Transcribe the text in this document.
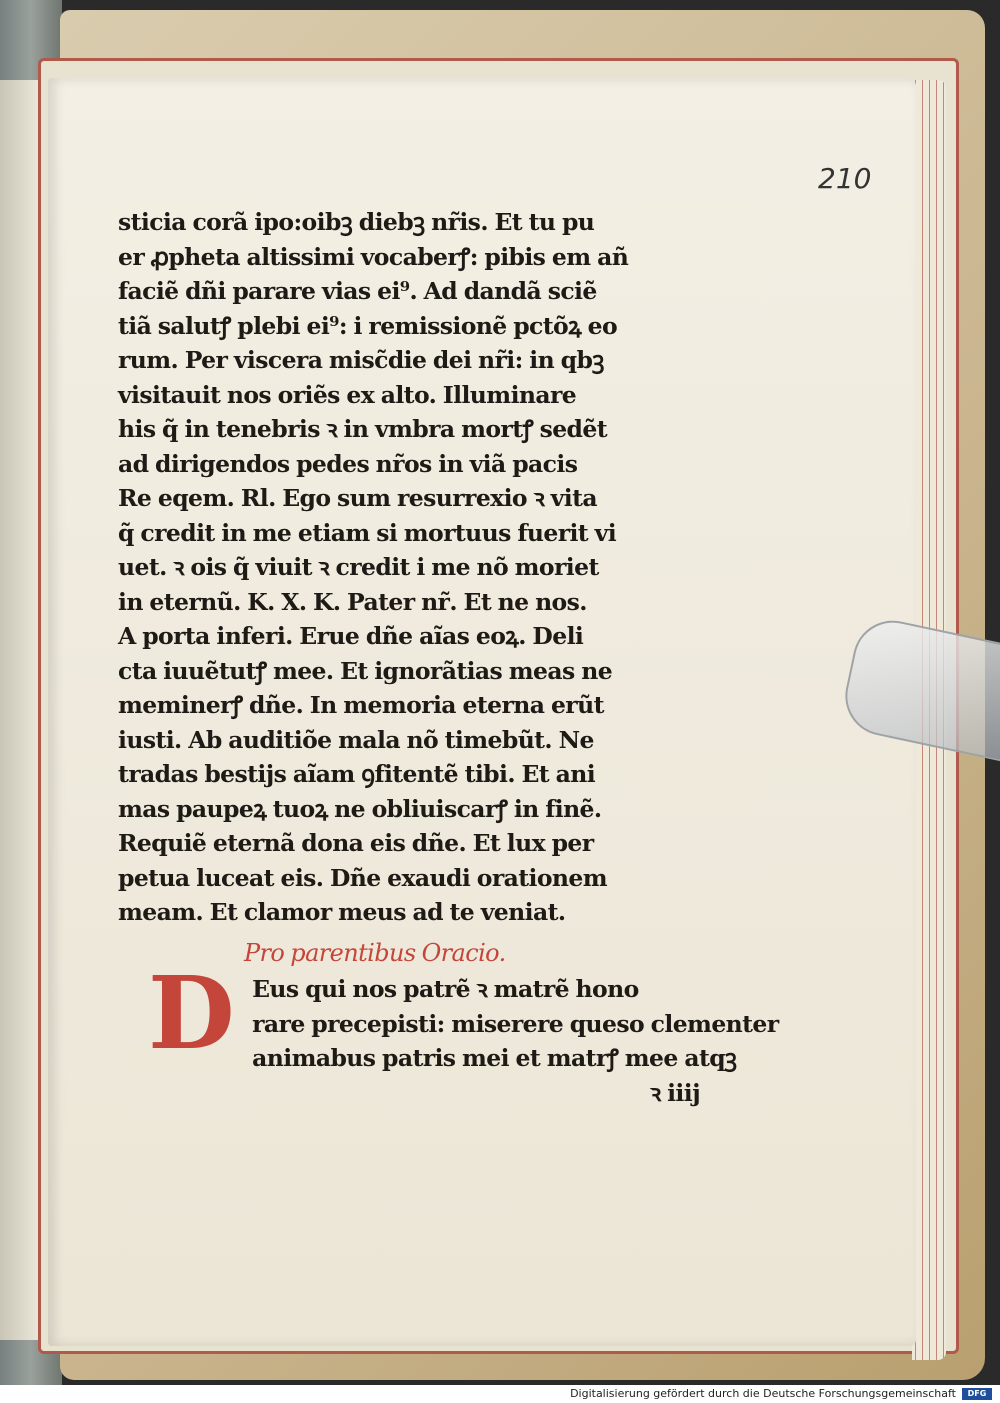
210

sticia corã ipo:oibꝫ diebꝫ nr̃is. Et tu pu
er ꝓpheta altissimi vocaberꝭ: pibis em añ
faciẽ dñi parare vias ei⁹. Ad dandã sciẽ
tiã salutꝭ plebi ei⁹: i remissionẽ pctõꝝ eo
rum. Per viscera misc̃die dei nr̃i: in qbꝫ
visitauit nos oriẽs ex alto. Illuminare
his q̃ in tenebris ꝛ in vmbra mortꝭ sedẽt
ad dirigendos pedes nr̃os in viã pacis
Re eqem. Rl. Ego sum resurrexio ꝛ vita
q̃ credit in me etiam si mortuus fuerit vi
uet. ꝛ ois q̃ viuit ꝛ credit i me nõ moriet
in eternũ. K. X. K. Pater nr̃. Et ne nos.
A porta inferi. Erue dñe aĩas eoꝝ. Deli
cta iuuẽtutꝭ mee. Et ignorãtias meas ne
meminerꝭ dñe. In memoria eterna erũt
iusti. Ab auditiõe mala nõ timebũt. Ne
tradas bestijs aĩam ꝯfitentẽ tibi. Et ani
mas paupeꝝ tuoꝝ ne obliuiscarꝭ in finẽ.
Requiẽ eternã dona eis dñe. Et lux per
petua luceat eis. Dñe exaudi orationem
meam. Et clamor meus ad te veniat.
Pro parentibus Oracio.
D Eus qui nos patrẽ ꝛ matrẽ hono
rare precepisti: miserere queso clementer
animabus patris mei et matrꝭ mee atqꝫ
ꝛ iiij

Digitalisierung gefördert durch die Deutsche Forschungsgemeinschaft	DFG
